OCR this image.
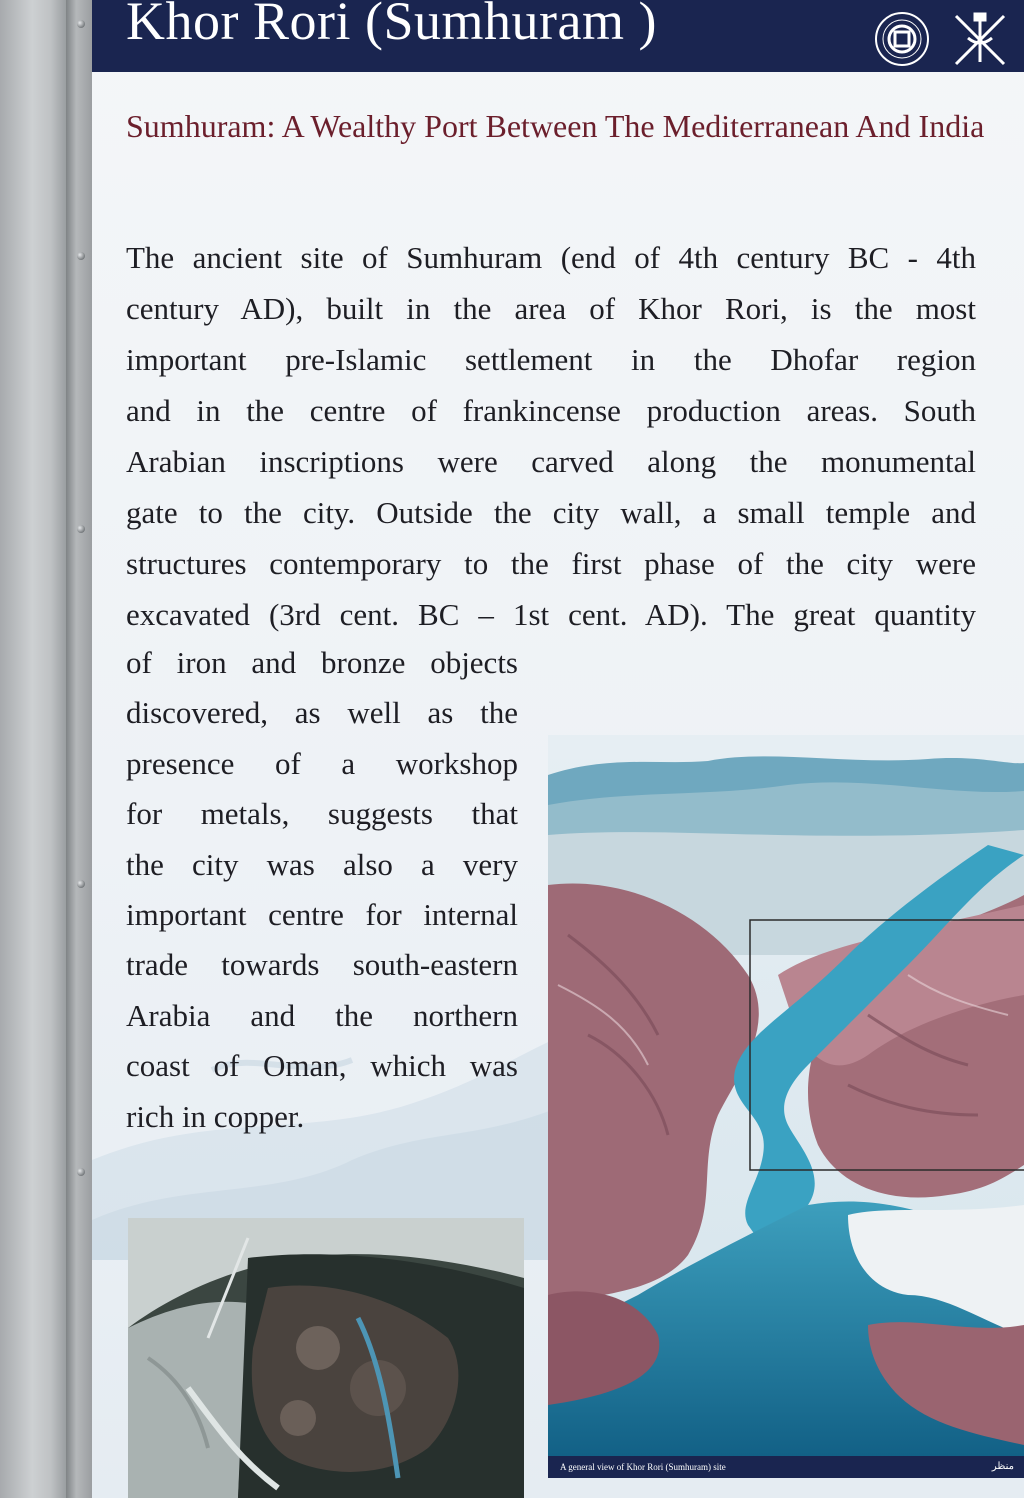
Khor Rori (Sumhuram )
Sumhuram: A Wealthy Port Between The Mediterranean And India
The ancient site of Sumhuram (end of 4th century BC - 4th
century AD), built in the area of Khor Rori, is the most
important pre-Islamic settlement in the Dhofar region
and in the centre of frankincense production areas. South
Arabian inscriptions were carved along the monumental
gate to the city. Outside the city wall, a small temple and
structures contemporary to the first phase of the city were
excavated (3rd cent. BC – 1st cent. AD). The great quantity
of iron and bronze objects
discovered, as well as the
presence of a workshop
for metals, suggests that
the city was also a very
important centre for internal
trade towards south-eastern
Arabia and the northern
coast of Oman, which was
rich in copper.
A general view of Khor Rori (Sumhuram) site	منظر
